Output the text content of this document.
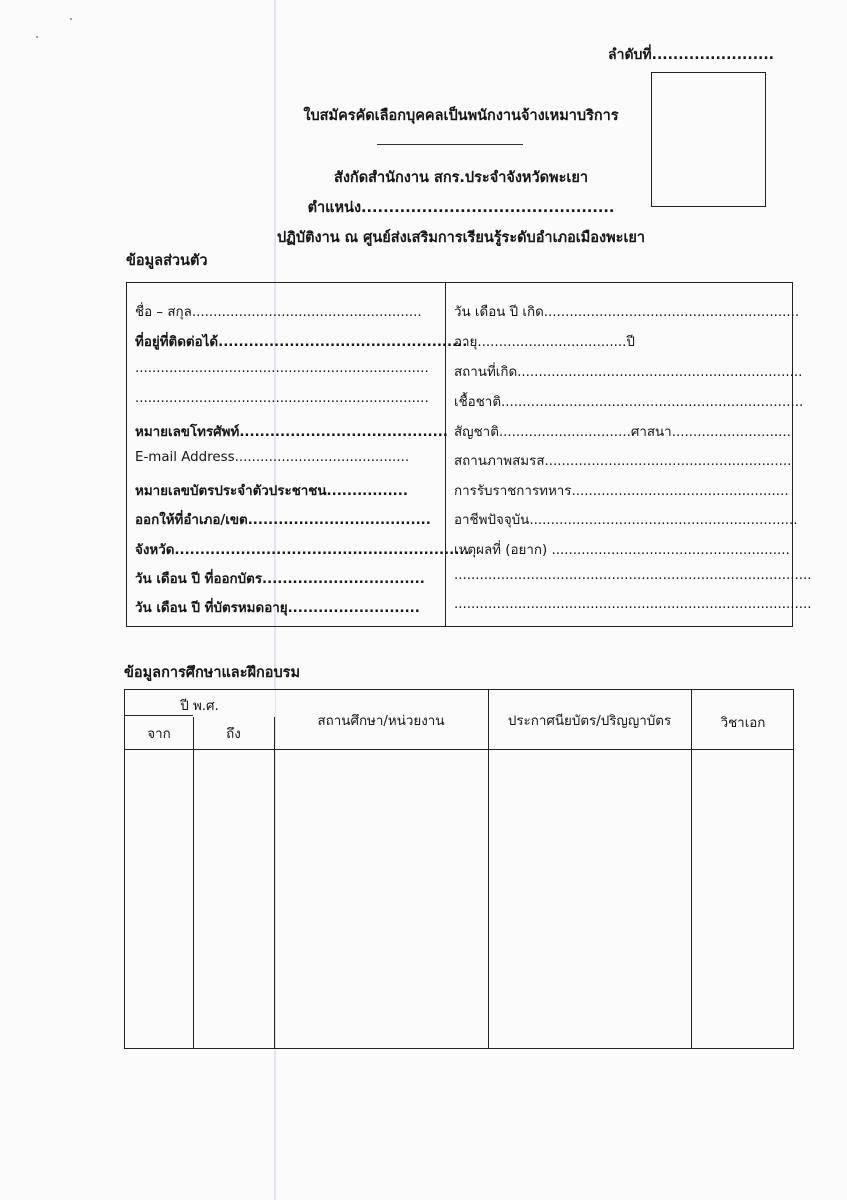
ลำดับที่.......................
ใบสมัครคัดเลือกบุคคลเป็นพนักงานจ้างเหมาบริการ
สังกัดสำนักงาน สกร.ประจำจังหวัดพะเยา
ตำแหน่ง..............................................
ปฏิบัติงาน ณ ศูนย์ส่งเสริมการเรียนรู้ระดับอำเภอเมืองพะเยา
ข้อมูลส่วนตัว
ชื่อ – สกุล......................................................
ที่อยู่ที่ติดต่อได้.................................................
.....................................................................
.....................................................................
หมายเลขโทรศัพท์.........................................
E-mail Address.........................................
หมายเลขบัตรประจำตัวประชาชน................
ออกให้ที่อำเภอ/เขต....................................
จังหวัด..........................................................
วัน เดือน ปี ที่ออกบัตร................................
วัน เดือน ปี ที่บัตรหมดอายุ..........................
วัน เดือน ปี เกิด............................................................
อายุ...................................ปี
สถานที่เกิด...................................................................
เชื้อชาติ.......................................................................
สัญชาติ...............................ศาสนา............................
สถานภาพสมรส..........................................................
การรับราชการทหาร...................................................
อาชีพปัจจุบัน...............................................................
เหตุผลที่ (อยาก) ........................................................
....................................................................................
....................................................................................
ข้อมูลการศึกษาและฝึกอบรม
ปี พ.ศ.
จาก	ถึง
สถานศึกษา/หน่วยงาน	ประกาศนียบัตร/ปริญญาบัตร	วิชาเอก
